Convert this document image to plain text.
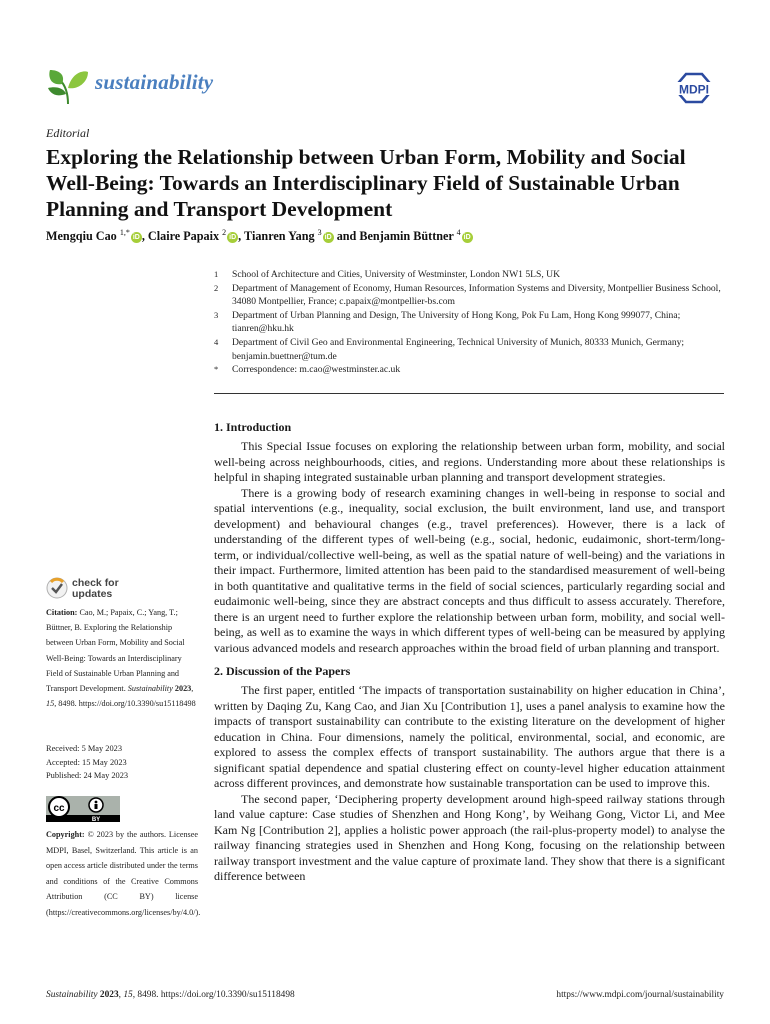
sustainability	MDPI
Editorial
Exploring the Relationship between Urban Form, Mobility and Social Well-Being: Towards an Interdisciplinary Field of Sustainable Urban Planning and Transport Development
Mengqiu Cao $^{1,*}$iD , Claire Papaix $^2$iD , Tianren Yang $^3$iD and Benjamin Büttner $^4$iD
1	School of Architecture and Cities, University of Westminster, London NW1 5LS, UK
2	Department of Management of Economy, Human Resources, Information Systems and Diversity, Montpellier Business School, 34080 Montpellier, France; c.papaix@montpellier-bs.com
3	Department of Urban Planning and Design, The University of Hong Kong, Pok Fu Lam, Hong Kong 999077, China; tianren@hku.hk
4	Department of Civil Geo and Environmental Engineering, Technical University of Munich, 80333 Munich, Germany; benjamin.buettner@tum.de
*	Correspondence: m.cao@westminster.ac.uk
check for
updates
Citation: Cao, M.; Papaix, C.; Yang, T.; Büttner, B. Exploring the Relationship between Urban Form, Mobility and Social Well-Being: Towards an Interdisciplinary Field of Sustainable Urban Planning and Transport Development. Sustainability 2023, 15, 8498. https://doi.org/10.3390/su15118498
Received: 5 May 2023
Accepted: 15 May 2023
Published: 24 May 2023
cc
BY
Copyright: © 2023 by the authors. Licensee MDPI, Basel, Switzerland. This article is an open access article distributed under the terms and conditions of the Creative Commons Attribution (CC BY) license (https://creativecommons.org/licenses/by/4.0/).
1. Introduction

This Special Issue focuses on exploring the relationship between urban form, mobility, and social well-being across neighbourhoods, cities, and regions. Understanding more about these relationships is helpful in shaping integrated sustainable urban planning and transport development strategies.

There is a growing body of research examining changes in well-being in response to social and spatial interventions (e.g., inequality, social exclusion, the built environment, land use, and transport development) and behavioural changes (e.g., travel preferences). However, there is a lack of understanding of the different types of well-being (e.g., social, hedonic, eudaimonic, short-term/long-term, or individual/collective well-being, as well as the spatial nature of well-being) and the variations in their impact. Furthermore, limited attention has been paid to the standardised measurement of well-being in both quantitative and qualitative terms in the field of social sciences, particularly regarding social and eudaimonic well-being, since they are abstract concepts and thus difficult to assess accurately. Therefore, there is an urgent need to further explore the relationship between urban form, mobility, and social well-being, as well as to examine the ways in which different types of well-being can be measured by applying various advanced models and research approaches within the broad field of urban planning and transport.

2. Discussion of the Papers

The first paper, entitled ‘The impacts of transportation sustainability on higher education in China’, written by Daqing Zu, Kang Cao, and Jian Xu [Contribution 1], uses a panel analysis to examine how the impacts of transport sustainability can contribute to the existing literature on the development of higher education in China. Four dimensions, namely the political, environmental, social, and economic, are explored to assess the complex effects of transport sustainability. The authors argue that there is a significant spatial dependence and spatial clustering effect on county-level higher education attainment across different provinces, and demonstrate how sustainable transportation can be used to improve this.

The second paper, ‘Deciphering property development around high-speed railway stations through land value capture: Case studies of Shenzhen and Hong Kong’, by Weihang Gong, Victor Li, and Mee Kam Ng [Contribution 2], applies a holistic power approach (the rail-plus-property model) to analyse the railway financing strategies used in Shenzhen and Hong Kong, focusing on the relationship between railway transport investment and the value capture of proximate land. They show that there is a significant difference between

Sustainability 2023, 15, 8498. https://doi.org/10.3390/su15118498	https://www.mdpi.com/journal/sustainability
